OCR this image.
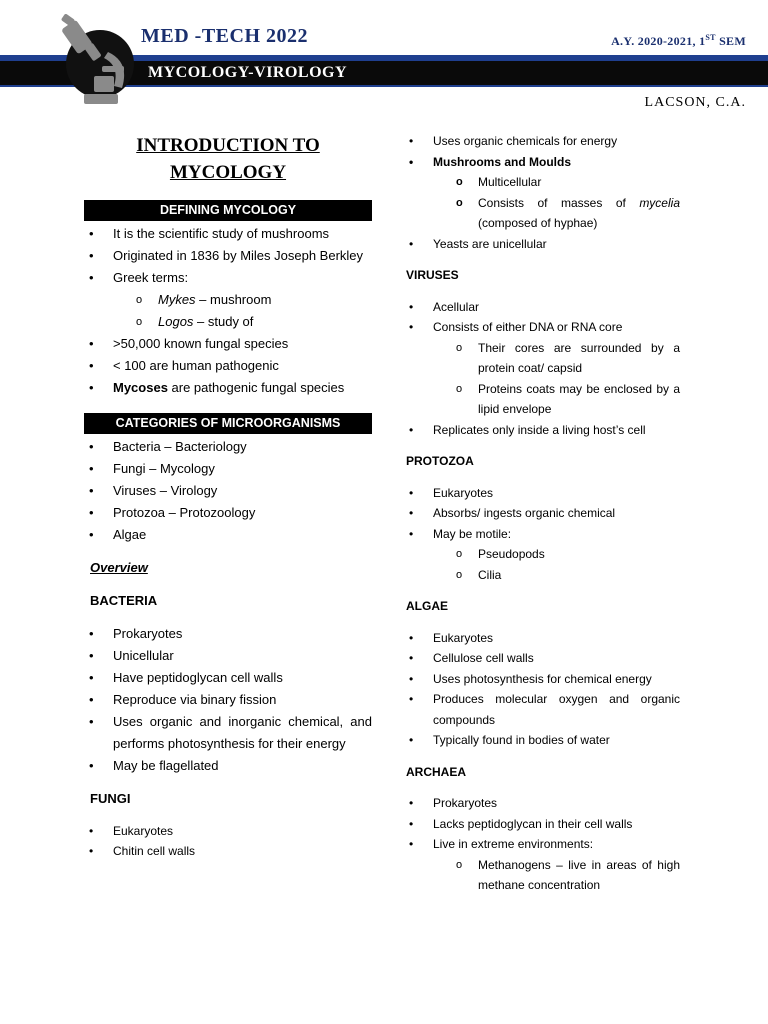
MED -TECH 2022	A.Y. 2020-2021, 1ST SEM
MYCOLOGY-VIROLOGY
LACSON, C.A.
INTRODUCTION TO
MYCOLOGY
DEFINING MYCOLOGY
• It is the scientific study of mushrooms
• Originated in 1836 by Miles Joseph Berkley
• Greek terms:
o Mykes – mushroom
o Logos – study of
• >50,000 known fungal species
• < 100 are human pathogenic
• Mycoses are pathogenic fungal species
CATEGORIES OF MICROORGANISMS
• Bacteria – Bacteriology
• Fungi – Mycology
• Viruses – Virology
• Protozoa – Protozoology
• Algae
Overview
BACTERIA
• Prokaryotes
• Unicellular
• Have peptidoglycan cell walls
• Reproduce via binary fission
• Uses organic and inorganic chemical, and performs photosynthesis for their energy
• May be flagellated
FUNGI
• Eukaryotes
• Chitin cell walls
• Uses organic chemicals for energy
• Mushrooms and Moulds
o Multicellular
o Consists of masses of mycelia (composed of hyphae)
• Yeasts are unicellular
VIRUSES
• Acellular
• Consists of either DNA or RNA core
o Their cores are surrounded by a protein coat/ capsid
o Proteins coats may be enclosed by a lipid envelope
• Replicates only inside a living host’s cell
PROTOZOA
• Eukaryotes
• Absorbs/ ingests organic chemical
• May be motile:
o Pseudopods
o Cilia
ALGAE
• Eukaryotes
• Cellulose cell walls
• Uses photosynthesis for chemical energy
• Produces molecular oxygen and organic compounds
• Typically found in bodies of water
ARCHAEA
• Prokaryotes
• Lacks peptidoglycan in their cell walls
• Live in extreme environments:
o Methanogens – live in areas of high methane concentration
